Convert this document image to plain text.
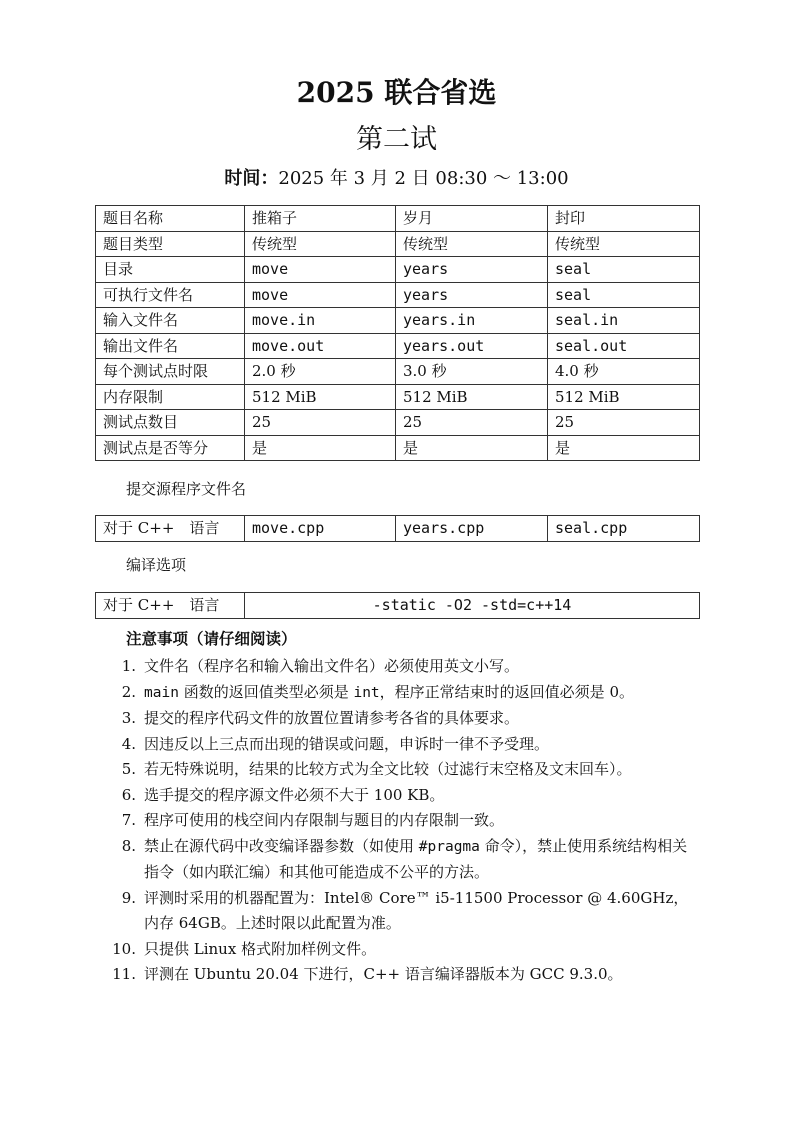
2025 联合省选
第二试
时间：2025 年 3 月 2 日 08:30 ～ 13:00
题目名称	推箱子	岁月	封印
题目类型	传统型	传统型	传统型
目录	move	years	seal
可执行文件名	move	years	seal
输入文件名	move.in	years.in	seal.in
输出文件名	move.out	years.out	seal.out
每个测试点时限	2.0 秒	3.0 秒	4.0 秒
内存限制	512 MiB	512 MiB	512 MiB
测试点数目	25	25	25
测试点是否等分	是	是	是
提交源程序文件名
对于 C++　语言	move.cpp	years.cpp	seal.cpp
编译选项
对于 C++　语言	-static -O2 -std=c++14
注意事项（请仔细阅读）
1. 文件名（程序名和输入输出文件名）必须使用英文小写。
2. main 函数的返回值类型必须是 int，程序正常结束时的返回值必须是 0。
3. 提交的程序代码文件的放置位置请参考各省的具体要求。
4. 因违反以上三点而出现的错误或问题，申诉时一律不予受理。
5. 若无特殊说明，结果的比较方式为全文比较（过滤行末空格及文末回车）。
6. 选手提交的程序源文件必须不大于 100 KB。
7. 程序可使用的栈空间内存限制与题目的内存限制一致。
8. 禁止在源代码中改变编译器参数（如使用 #pragma 命令），禁止使用系统结构相关指令（如内联汇编）和其他可能造成不公平的方法。
9. 评测时采用的机器配置为：Intel® Core™ i5-11500 Processor @ 4.60GHz，内存 64GB。上述时限以此配置为准。
10. 只提供 Linux 格式附加样例文件。
11. 评测在 Ubuntu 20.04 下进行，C++ 语言编译器版本为 GCC 9.3.0。
